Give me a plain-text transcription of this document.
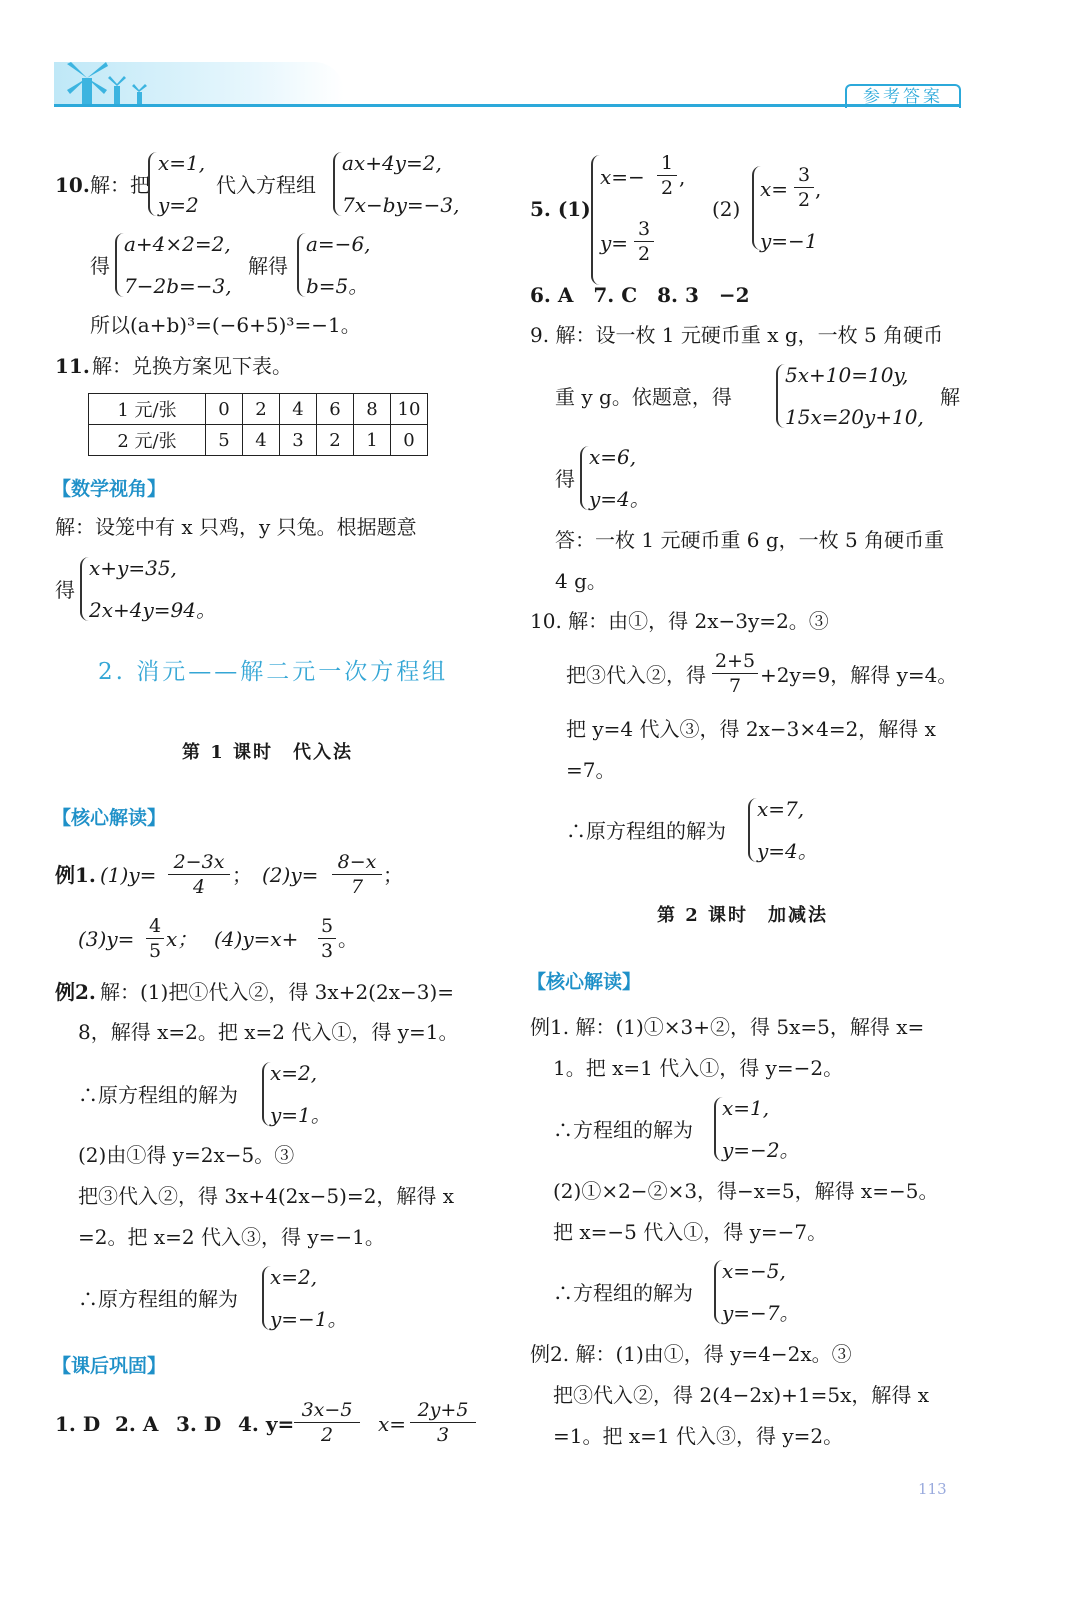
参考答案
10. 解：把
x=1,
y=2
代入方程组
ax+4y=2,
7x−by=−3,
得
a+4×2=2,
7−2b=−3,
解得
a=−6,
b=5。
所以(a+b)³=(−6+5)³=−1。
11. 解：兑换方案见下表。
1 元/张	0	2	4	6	8	10
2 元/张	5	4	3	2	1	0
【数学视角】
解：设笼中有 x 只鸡，y 只兔。根据题意
得
x+y=35,
2x+4y=94。
2. 消元——解二元一次方程组
第 1 课时　代入法
【核心解读】
例1. (1)y=
2−3x
4	； (2)y=
8−x
7 ；
(3)y=
4
5 x； (4)y=x+
5
3 。
例2. 解：(1)把①代入②，得 3x+2(2x−3)=
8，解得 x=2。把 x=2 代入①，得 y=1。
∴原方程组的解为
x=2,
y=1。
(2)由①得 y=2x−5。③
把③代入②，得 3x+4(2x−5)=2，解得 x
=2。把 x=2 代入③，得 y=−1。
∴原方程组的解为
x=2,
y=−1。
【课后巩固】
1. D 2. A 3. D 4. y=
3x−5
2	x=
2y+5
3
5. (1)
x=−
1
2 ,
y=
3
2
(2)
x=
3
2 ,
y=−1
6. A　7. C　8. 3　−2
9. 解：设一枚 1 元硬币重 x g，一枚 5 角硬币
重 y g。依题意，得
5x+10=10y,
15x=20y+10,
解
得
x=6,
y=4。
答：一枚 1 元硬币重 6 g，一枚 5 角硬币重
4 g。
10. 解：由①，得 2x−3y=2。③
把③代入②，得
2+5
7 +2y=9，解得 y=4。
把 y=4 代入③，得 2x−3×4=2，解得 x
=7。
∴原方程组的解为
x=7,
y=4。
第 2 课时　加减法
【核心解读】
例1. 解：(1)①×3+②，得 5x=5，解得 x=
1。把 x=1 代入①，得 y=−2。
∴方程组的解为
x=1,
y=−2。
(2)①×2−②×3，得−x=5，解得 x=−5。
把 x=−5 代入①，得 y=−7。
∴方程组的解为
x=−5,
y=−7。
例2. 解：(1)由①，得 y=4−2x。③
把③代入②，得 2(4−2x)+1=5x，解得 x
=1。把 x=1 代入③，得 y=2。
113
